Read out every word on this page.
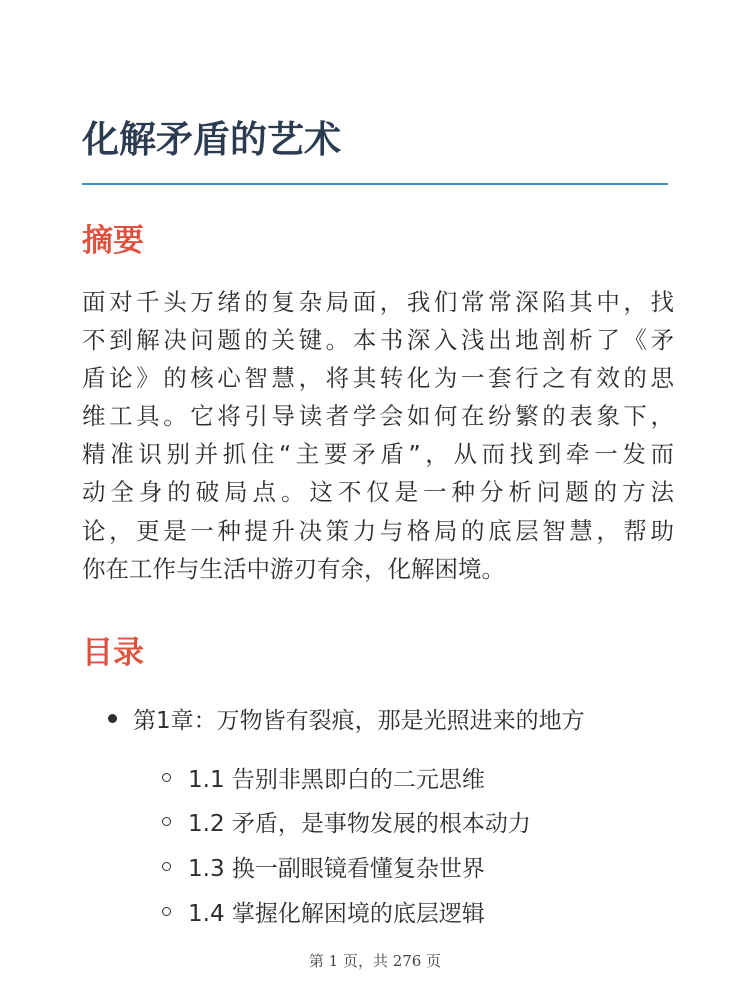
化解矛盾的艺术
摘要

面对千头万绪的复杂局面，我们常常深陷其中，找
不到解决问题的关键。本书深入浅出地剖析了《矛
盾论》的核心智慧，将其转化为一套行之有效的思
维工具。它将引导读者学会如何在纷繁的表象下，
精准识别并抓住“主要矛盾”，从而找到牵一发而
动全身的破局点。这不仅是一种分析问题的方法
论，更是一种提升决策力与格局的底层智慧，帮助
你在工作与生活中游刃有余，化解困境。

目录
第1章：万物皆有裂痕，那是光照进来的地方
1.1 告别非黑即白的二元思维
1.2 矛盾，是事物发展的根本动力
1.3 换一副眼镜看懂复杂世界
1.4 掌握化解困境的底层逻辑
第 1 页，共 276 页
